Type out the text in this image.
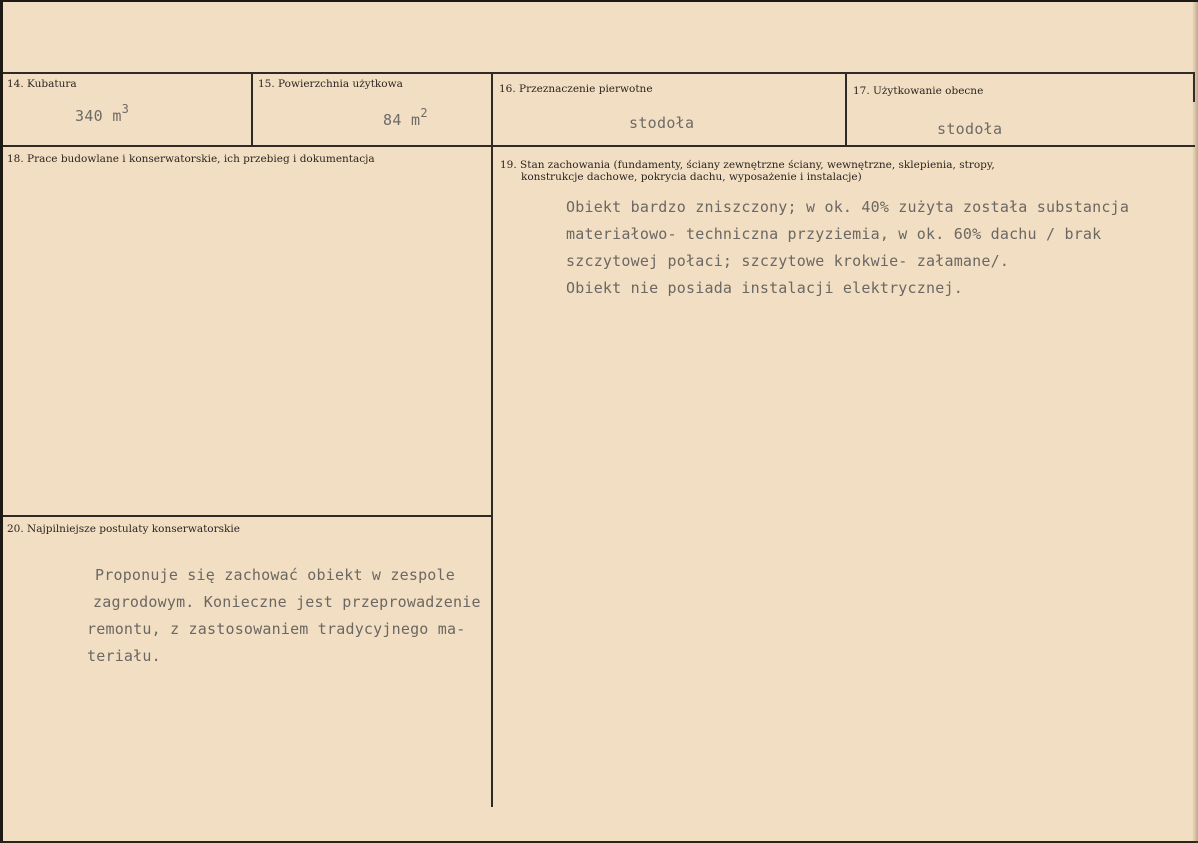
14. Kubatura
340 $m^3$
15. Powierzchnia użytkowa
84 $m^2$
16. Przeznaczenie pierwotne
stodoła
17. Użytkowanie obecne
stodoła
18. Prace budowlane i konserwatorskie, ich przebieg i dokumentacja	19. Stan zachowania (fundamenty, ściany zewnętrzne ściany, wewnętrzne, sklepienia, stropy,
konstrukcje dachowe, pokrycia dachu, wyposażenie i instalacje)
Obiekt bardzo zniszczony; w ok. 40% zużyta została substancja
materiałowo- techniczna przyziemia, w ok. 60% dachu / brak
szczytowej połaci; szczytowe krokwie- załamane/.
Obiekt nie posiada instalacji elektrycznej.
20. Najpilniejsze postulaty konserwatorskie
Proponuje się zachować obiekt w zespole
zagrodowym. Konieczne jest przeprowadzenie
remontu, z zastosowaniem tradycyjnego ma-
teriału.
